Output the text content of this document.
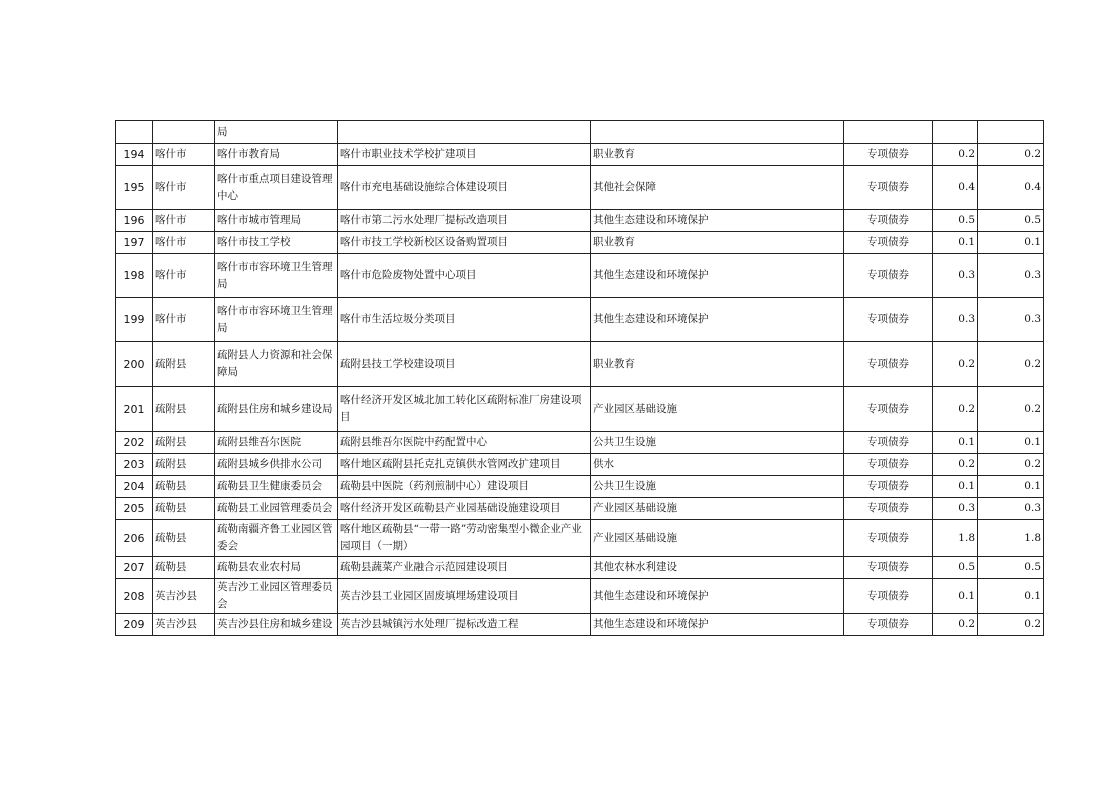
		局					
194	喀什市	喀什市教育局	喀什市职业技术学校扩建项目	职业教育	专项债券	0.2	0.2
195	喀什市	喀什市重点项目建设管理中心	喀什市充电基础设施综合体建设项目	其他社会保障	专项债券	0.4	0.4
196	喀什市	喀什市城市管理局	喀什市第二污水处理厂提标改造项目	其他生态建设和环境保护	专项债券	0.5	0.5
197	喀什市	喀什市技工学校	喀什市技工学校新校区设备购置项目	职业教育	专项债券	0.1	0.1
198	喀什市	喀什市市容环境卫生管理局	喀什市危险废物处置中心项目	其他生态建设和环境保护	专项债券	0.3	0.3
199	喀什市	喀什市市容环境卫生管理局	喀什市生活垃圾分类项目	其他生态建设和环境保护	专项债券	0.3	0.3
200	疏附县	疏附县人力资源和社会保障局	疏附县技工学校建设项目	职业教育	专项债券	0.2	0.2
201	疏附县	疏附县住房和城乡建设局	喀什经济开发区城北加工转化区疏附标准厂房建设项目	产业园区基础设施	专项债券	0.2	0.2
202	疏附县	疏附县维吾尔医院	疏附县维吾尔医院中药配置中心	公共卫生设施	专项债券	0.1	0.1
203	疏附县	疏附县城乡供排水公司	喀什地区疏附县托克扎克镇供水管网改扩建项目	供水	专项债券	0.2	0.2
204	疏勒县	疏勒县卫生健康委员会	疏勒县中医院（药剂煎制中心）建设项目	公共卫生设施	专项债券	0.1	0.1
205	疏勒县	疏勒县工业园管理委员会	喀什经济开发区疏勒县产业园基础设施建设项目	产业园区基础设施	专项债券	0.3	0.3
206	疏勒县	疏勒南疆齐鲁工业园区管委会	喀什地区疏勒县“一带一路”劳动密集型小微企业产业园项目（一期）	产业园区基础设施	专项债券	1.8	1.8
207	疏勒县	疏勒县农业农村局	疏勒县蔬菜产业融合示范园建设项目	其他农林水利建设	专项债券	0.5	0.5
208	英吉沙县	英吉沙工业园区管理委员会	英吉沙县工业园区固废填埋场建设项目	其他生态建设和环境保护	专项债券	0.1	0.1
209	英吉沙县	英吉沙县住房和城乡建设	英吉沙县城镇污水处理厂提标改造工程	其他生态建设和环境保护	专项债券	0.2	0.2
